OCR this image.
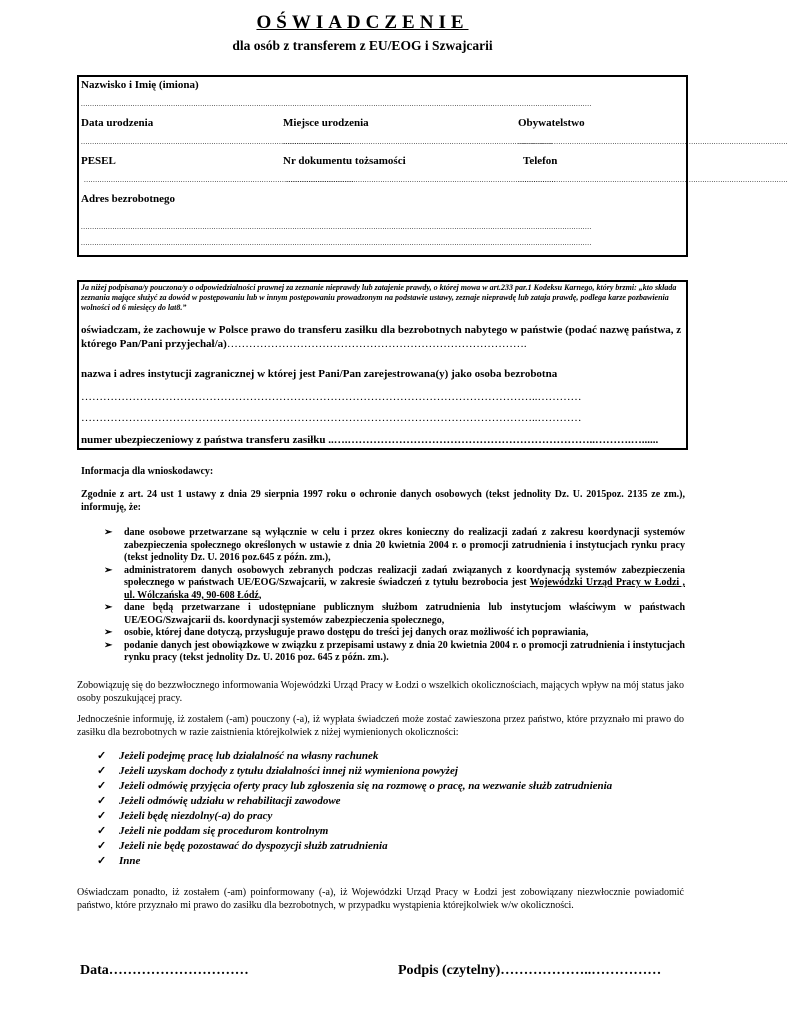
OŚWIADCZENIE
dla osób z transferem z EU/EOG i Szwajcarii
Nazwisko i Imię (imiona)
...................................................................................................................................................................................................................................
Data urodzenia	Miejsce urodzenia	Obywatelstwo
........................................................................................................................
........................................................................................................................
........................................................................................................................
PESEL	Nr dokumentu tożsamości	Telefon
........................................................................................................................
........................................................................................................................
........................................................................................................................
Adres bezrobotnego
...................................................................................................................................................................................................................................
...................................................................................................................................................................................................................................
Ja niżej podpisana/y pouczona/y o odpowiedzialności prawnej za zeznanie nieprawdy lub zatajenie prawdy, o której mowa w art.233 par.1 Kodeksu Karnego, który brzmi: „kto składa zeznania mające służyć za dowód w postępowaniu lub w innym postępowaniu prowadzonym na podstawie ustawy, zeznaje nieprawdę lub zataja prawdę, podlega karze pozbawienia wolności od 6 miesięcy do lat8.”
oświadczam, że zachowuje w Polsce prawo do transferu zasiłku dla bezrobotnych nabytego w państwie (podać nazwę państwa, z którego Pan/Pani przyjechał/a)……………………………………………………………………….
nazwa i adres instytucji zagranicznej w której jest Pani/Pan zarejestrowana(y) jako osoba bezrobotna
……………………………………………………………………………………………………………..…………
……………………………………………………………………………………………………………..…………
numer ubezpieczeniowy z państwa transferu zasiłku ..….…………………………………………………………..……….…......
Informacja dla wnioskodawcy:
Zgodnie z art. 24 ust 1 ustawy z dnia 29 sierpnia 1997 roku o ochronie danych osobowych (tekst jednolity Dz. U. 2015poz. 2135 ze zm.), informuję, że:
➢ dane osobowe przetwarzane są wyłącznie w celu i przez okres konieczny do realizacji zadań z zakresu koordynacji systemów zabezpieczenia społecznego określonych w ustawie z dnia 20 kwietnia 2004 r. o promocji zatrudnienia i instytucjach rynku pracy (tekst jednolity Dz. U. 2016 poz.645 z późn. zm.),
➢ administratorem danych osobowych zebranych podczas realizacji zadań związanych z koordynacją systemów zabezpieczenia społecznego w państwach UE/EOG/Szwajcarii, w zakresie świadczeń z tytułu bezrobocia jest Wojewódzki Urząd Pracy w Łodzi , ul. Wólczańska 49, 90-608 Łódź,
➢ dane będą przetwarzane i udostępniane publicznym służbom zatrudnienia lub instytucjom właściwym w państwach UE/EOG/Szwajcarii ds. koordynacji systemów zabezpieczenia społecznego,
➢ osobie, której dane dotyczą, przysługuje prawo dostępu do treści jej danych oraz możliwość ich poprawiania,
➢ podanie danych jest obowiązkowe w związku z przepisami ustawy z dnia 20 kwietnia 2004 r. o promocji zatrudnienia i instytucjach rynku pracy (tekst jednolity Dz. U. 2016 poz. 645 z późn. zm.).
Zobowiązuję się do bezzwłocznego informowania Wojewódzki Urząd Pracy w Łodzi o wszelkich okolicznościach, mających wpływ na mój status jako osoby poszukującej pracy.
Jednocześnie informuję, iż zostałem (-am) pouczony (-a), iż wypłata świadczeń może zostać zawieszona przez państwo, które przyznało mi prawo do zasiłku dla bezrobotnych w razie zaistnienia którejkolwiek z niżej wymienionych okoliczności:
✓ Jeżeli podejmę pracę lub działalność na własny rachunek
✓ Jeżeli uzyskam dochody z tytułu działalności innej niż wymieniona powyżej
✓ Jeżeli odmówię przyjęcia oferty pracy lub zgłoszenia się na rozmowę o pracę, na wezwanie służb zatrudnienia
✓ Jeżeli odmówię udziału w rehabilitacji zawodowe
✓ Jeżeli będę niezdolny(-a) do pracy
✓ Jeżeli nie poddam się procedurom kontrolnym
✓ Jeżeli nie będę pozostawać do dyspozycji służb zatrudnienia
✓ Inne
Oświadczam ponadto, iż zostałem (-am) poinformowany (-a), iż Wojewódzki Urząd Pracy w Łodzi jest zobowiązany niezwłocznie powiadomić państwo, które przyznało mi prawo do zasiłku dla bezrobotnych, w przypadku wystąpienia którejkolwiek w/w okoliczności.
Data…………………………	Podpis (czytelny)………………..……………
